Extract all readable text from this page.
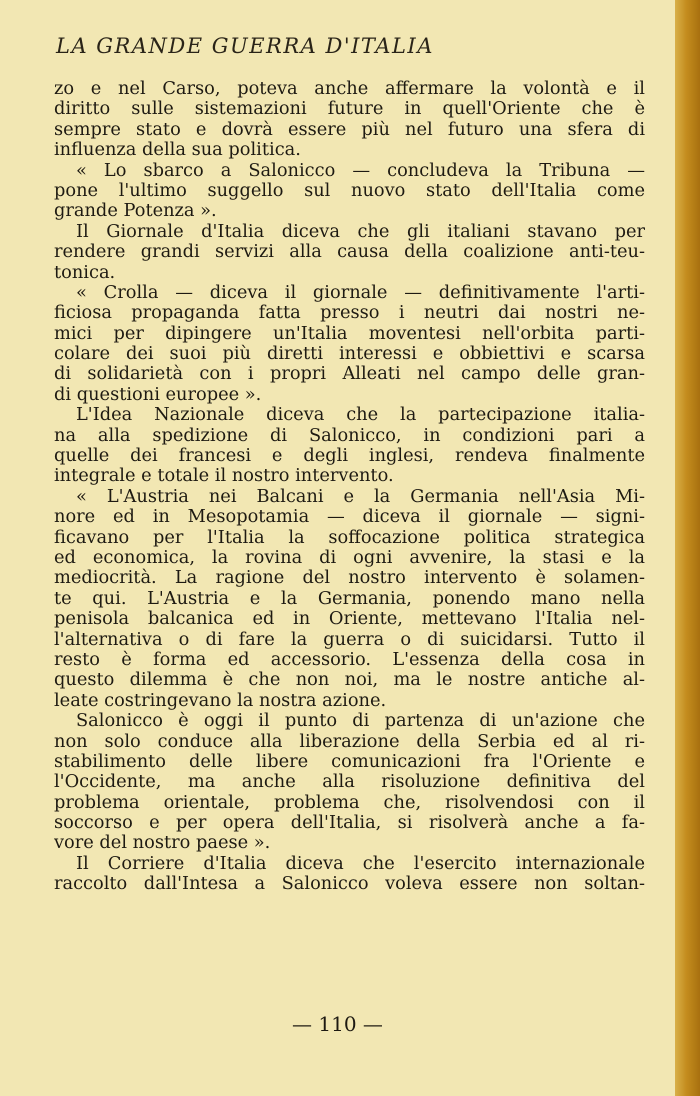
LA GRANDE GUERRA D'ITALIA
zo e nel Carso, poteva anche affermare la volontà e il
diritto sulle sistemazioni future in quell'Oriente che è
sempre stato e dovrà essere più nel futuro una sfera di
influenza della sua politica.
« Lo sbarco a Salonicco — concludeva la Tribuna —
pone l'ultimo suggello sul nuovo stato dell'Italia come
grande Potenza ».
Il Giornale d'Italia diceva che gli italiani stavano per
rendere grandi servizi alla causa della coalizione anti-teu-
tonica.
« Crolla — diceva il giornale — definitivamente l'arti-
ficiosa propaganda fatta presso i neutri dai nostri ne-
mici per dipingere un'Italia moventesi nell'orbita parti-
colare dei suoi più diretti interessi e obbiettivi e scarsa
di solidarietà con i propri Alleati nel campo delle gran-
di questioni europee ».
L'Idea Nazionale diceva che la partecipazione italia-
na alla spedizione di Salonicco, in condizioni pari a
quelle dei francesi e degli inglesi, rendeva finalmente
integrale e totale il nostro intervento.
« L'Austria nei Balcani e la Germania nell'Asia Mi-
nore ed in Mesopotamia — diceva il giornale — signi-
ficavano per l'Italia la soffocazione politica strategica
ed economica, la rovina di ogni avvenire, la stasi e la
mediocrità. La ragione del nostro intervento è solamen-
te qui. L'Austria e la Germania, ponendo mano nella
penisola balcanica ed in Oriente, mettevano l'Italia nel-
l'alternativa o di fare la guerra o di suicidarsi. Tutto il
resto è forma ed accessorio. L'essenza della cosa in
questo dilemma è che non noi, ma le nostre antiche al-
leate costringevano la nostra azione.
Salonicco è oggi il punto di partenza di un'azione che
non solo conduce alla liberazione della Serbia ed al ri-
stabilimento delle libere comunicazioni fra l'Oriente e
l'Occidente, ma anche alla risoluzione definitiva del
problema orientale, problema che, risolvendosi con il
soccorso e per opera dell'Italia, si risolverà anche a fa-
vore del nostro paese ».
Il Corriere d'Italia diceva che l'esercito internazionale
raccolto dall'Intesa a Salonicco voleva essere non soltan-
— 110 —
